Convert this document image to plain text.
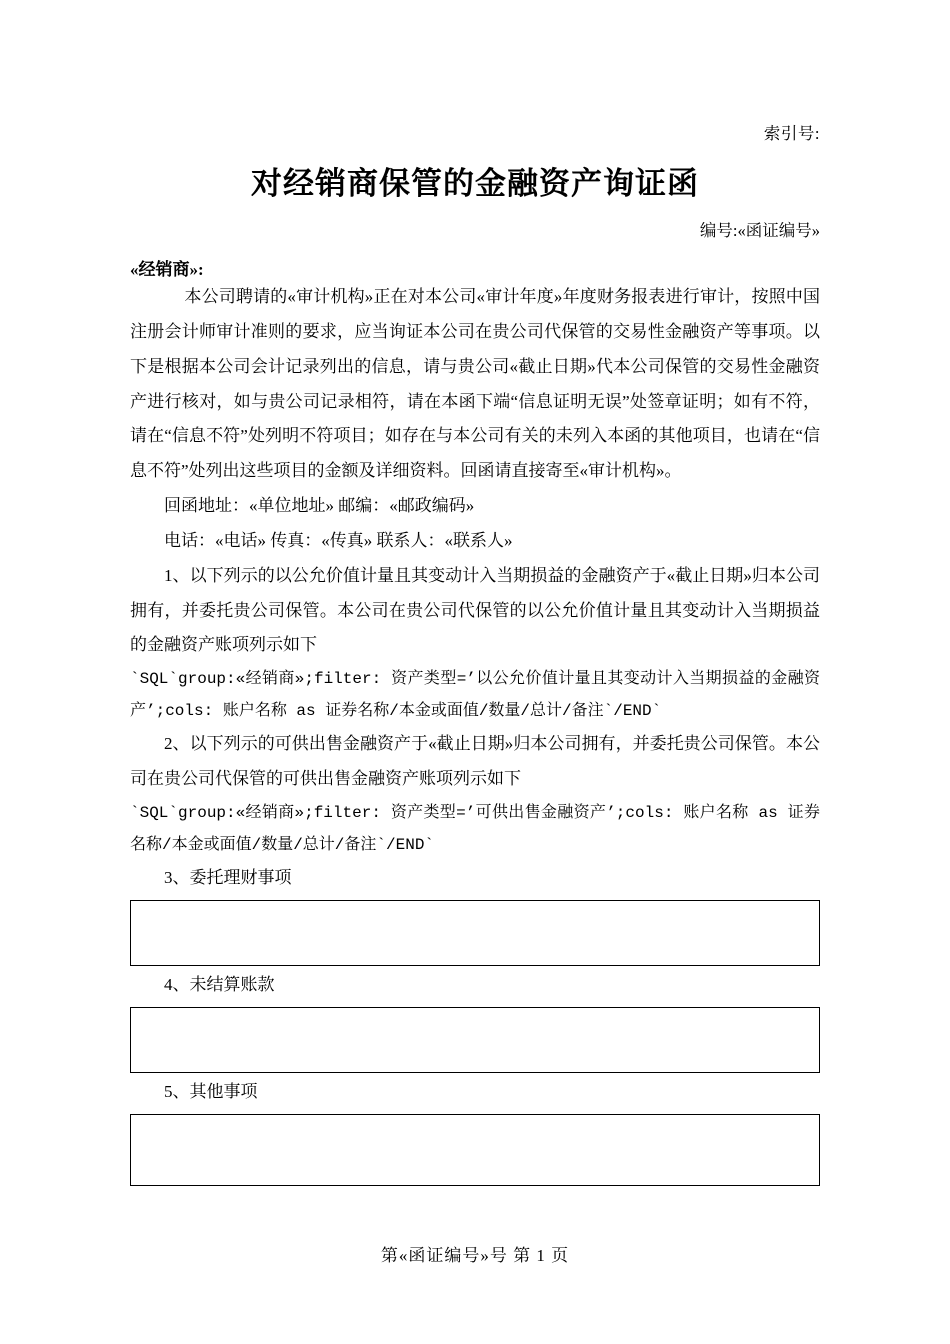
索引号:
对经销商保管的金融资产询证函
编号:«函证编号»
«经销商»:

本公司聘请的«审计机构»正在对本公司«审计年度»年度财务报表进行审计，按照中国注册会计师审计准则的要求，应当询证本公司在贵公司代保管的交易性金融资产等事项。以下是根据本公司会计记录列出的信息，请与贵公司«截止日期»代本公司保管的交易性金融资产进行核对，如与贵公司记录相符，请在本函下端“信息证明无误”处签章证明；如有不符，请在“信息不符”处列明不符项目；如存在与本公司有关的未列入本函的其他项目，也请在“信息不符”处列出这些项目的金额及详细资料。回函请直接寄至«审计机构»。

回函地址：«单位地址» 邮编：«邮政编码»

电话：«电话» 传真：«传真» 联系人：«联系人»

1、以下列示的以公允价值计量且其变动计入当期损益的金融资产于«截止日期»归本公司拥有，并委托贵公司保管。本公司在贵公司代保管的以公允价值计量且其变动计入当期损益的金融资产账项列示如下

`SQL`group:«经销商»;filter: 资产类型=’以公允价值计量且其变动计入当期损益的金融资产’;cols: 账户名称 as 证券名称/本金或面值/数量/总计/备注`/END`

2、以下列示的可供出售金融资产于«截止日期»归本公司拥有，并委托贵公司保管。本公司在贵公司代保管的可供出售金融资产账项列示如下

`SQL`group:«经销商»;filter: 资产类型=’可供出售金融资产’;cols: 账户名称 as 证券名称/本金或面值/数量/总计/备注`/END`

3、委托理财事项

4、未结算账款

5、其他事项

第«函证编号»号 第 1 页
